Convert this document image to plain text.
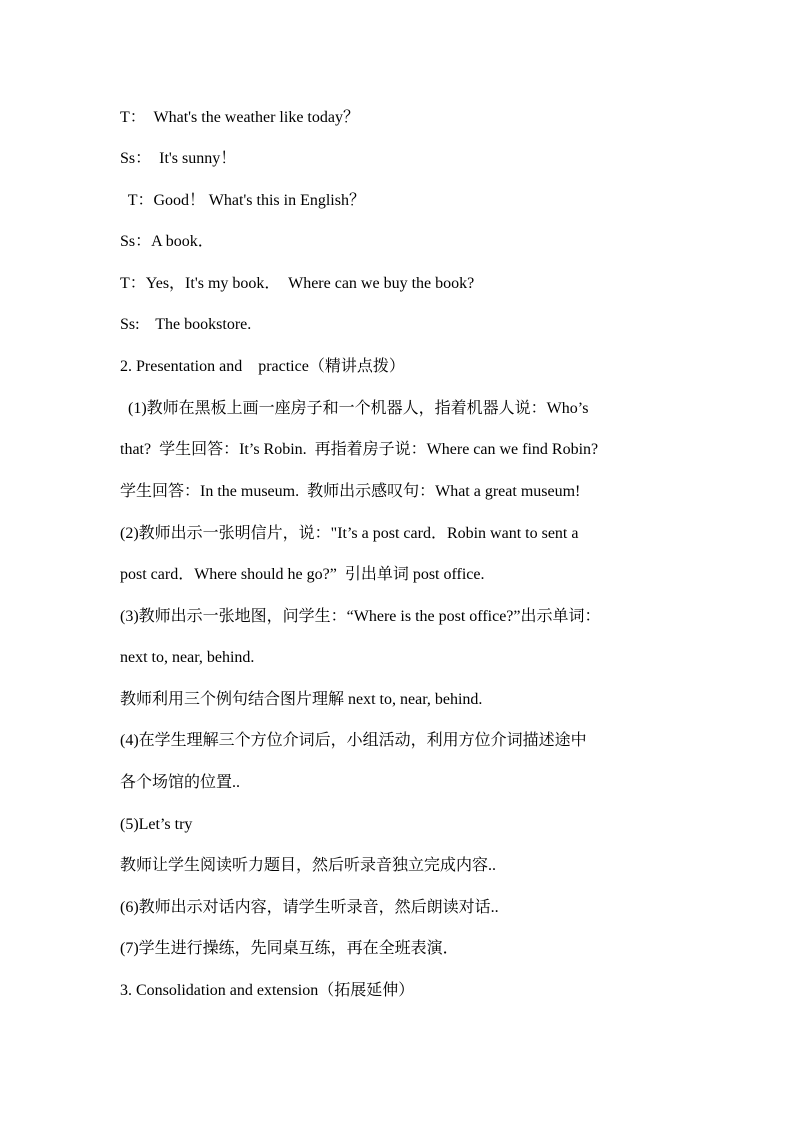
T：  What's the weather like today？
Ss：  It's sunny！
T：Good！ What's this in English？
Ss：A book．
T：Yes，It's my book．  Where can we buy the book?
Ss:    The bookstore.
2. Presentation and    practice（精讲点拨）
(1)教师在黑板上画一座房子和一个机器人，指着机器人说：Who’s
that?  学生回答：It’s Robin.  再指着房子说：Where can we find Robin?
学生回答：In the museum.  教师出示感叹句：What a great museum!
(2)教师出示一张明信片，说："It’s a post card．Robin want to sent a
post card．Where should he go?”  引出单词 post office.
(3)教师出示一张地图，问学生：“Where is the post office?”出示单词：
next to, near, behind.
教师利用三个例句结合图片理解 next to, near, behind.
(4)在学生理解三个方位介词后，小组活动，利用方位介词描述途中
各个场馆的位置..
(5)Let’s try
教师让学生阅读听力题目，然后听录音独立完成内容..
(6)教师出示对话内容，请学生听录音，然后朗读对话..
(7)学生进行操练，先同桌互练，再在全班表演．
3. Consolidation and extension（拓展延伸）
